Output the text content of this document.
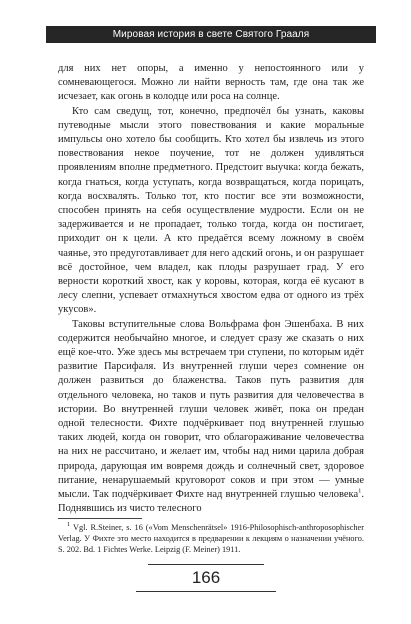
Мировая история в свете Святого Грааля

для них нет опоры, а именно у непостоянного или у сомневающегося. Можно ли найти верность там, где она так же исчезает, как огонь в колодце или роса на солнце.

Кто сам сведущ, тот, конечно, предпочёл бы узнать, каковы путеводные мысли этого повествования и какие моральные импульсы оно хотело бы сообщить. Кто хотел бы извлечь из этого повествования некое поучение, тот не должен удивляться проявлениям вполне предметного. Предстоит выучка: когда бежать, когда гнаться, когда уступать, когда возвращаться, когда порицать, когда восхвалять. Только тот, кто постиг все эти возможности, способен принять на себя осуществление мудрости. Если он не задерживается и не пропадает, только тогда, когда он постигает, приходит он к цели. А кто предаётся всему ложному в своём чаянье, это предуготавливает для него адский огонь, и он разрушает всё достойное, чем владел, как плоды разрушает град. У его верности короткий хвост, как у коровы, которая, когда её кусают в лесу слепни, успевает отмахнуться хвостом едва от одного из трёх укусов».

Таковы вступительные слова Вольфрама фон Эшенбаха. В них содержится необычайно многое, и следует сразу же сказать о них ещё кое-что. Уже здесь мы встречаем три ступени, по которым идёт развитие Парсифаля. Из внутренней глуши через сомнение он должен развиться до блаженства. Таков путь развития для отдельного человека, но таков и путь развития для человечества в истории. Во внутренней глуши человек живёт, пока он предан одной телесности. Фихте подчёркивает под внутренней глушью таких людей, когда он говорит, что облагораживание человечества на них не рассчитано, и желает им, чтобы над ними царила добрая природа, дарующая им вовремя дождь и солнечный свет, здоровое питание, ненарушаемый круговорот соков и при этом — умные мысли. Так подчёркивает Фихте над внутренней глушью человека$^1$. Поднявшись из чисто телесного

$^1$ Vgl. R.Steiner, s. 16 («Vom Menschenrätsel» 1916-Philosophisch-anthroposophischer Verlag. У Фихте это место находится в предварении к лекциям о назначении учёного. S. 202. Bd. 1 Fichtes Werke. Leipzig (F. Meiner) 1911.

166
